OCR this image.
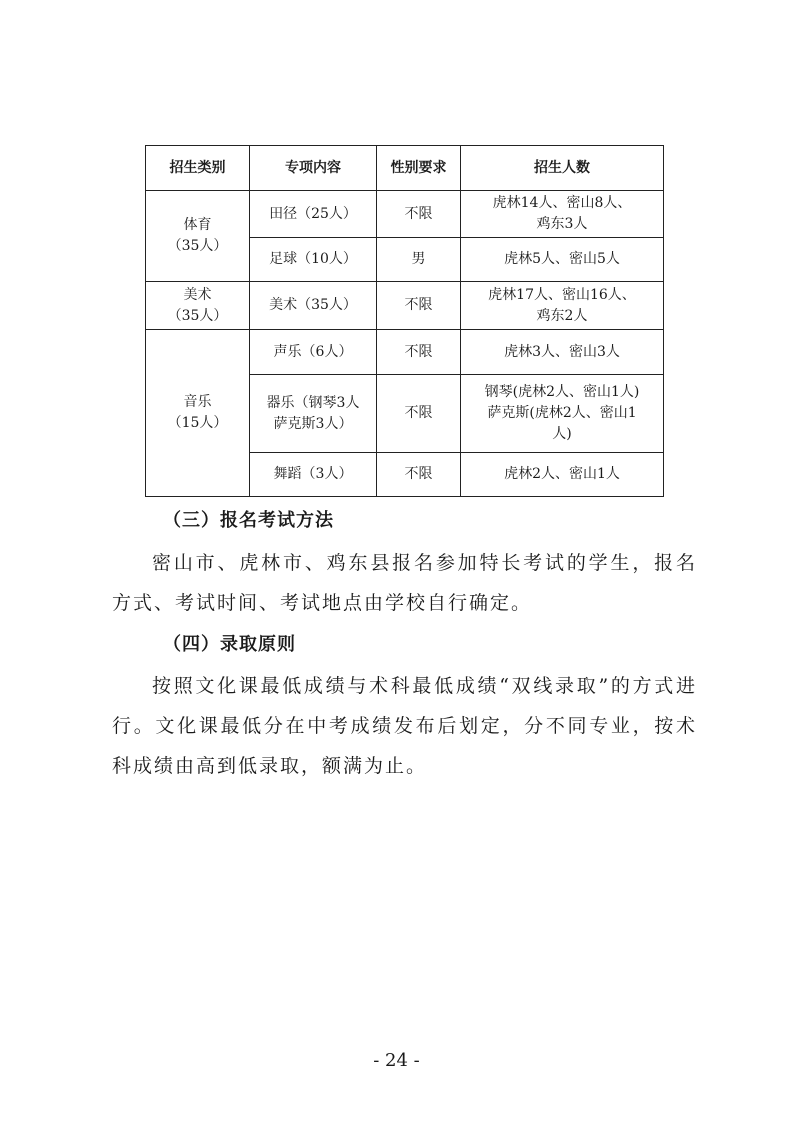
招生类别	专项内容	性别要求	招生人数

体育
（35人）	田径（25人）	不限	虎林14人、密山8人、
鸡东3人

	足球（10人）	男	虎林5人、密山5人

美术
（35人）	美术（35人）	不限	虎林17人、密山16人、
鸡东2人

音乐
（15人）	声乐（6人）	不限	虎林3人、密山3人

	器乐（钢琴3人
萨克斯3人）	不限	钢琴(虎林2人、密山1人)
萨克斯(虎林2人、密山1
人)

	舞蹈（3人）	不限	虎林2人、密山1人
（三）报名考试方法
密山市、虎林市、鸡东县报名参加特长考试的学生，报名方式、考试时间、考试地点由学校自行确定。
（四）录取原则
按照文化课最低成绩与术科最低成绩“双线录取”的方式进行。文化课最低分在中考成绩发布后划定，分不同专业，按术科成绩由高到低录取，额满为止。
- 24 -
